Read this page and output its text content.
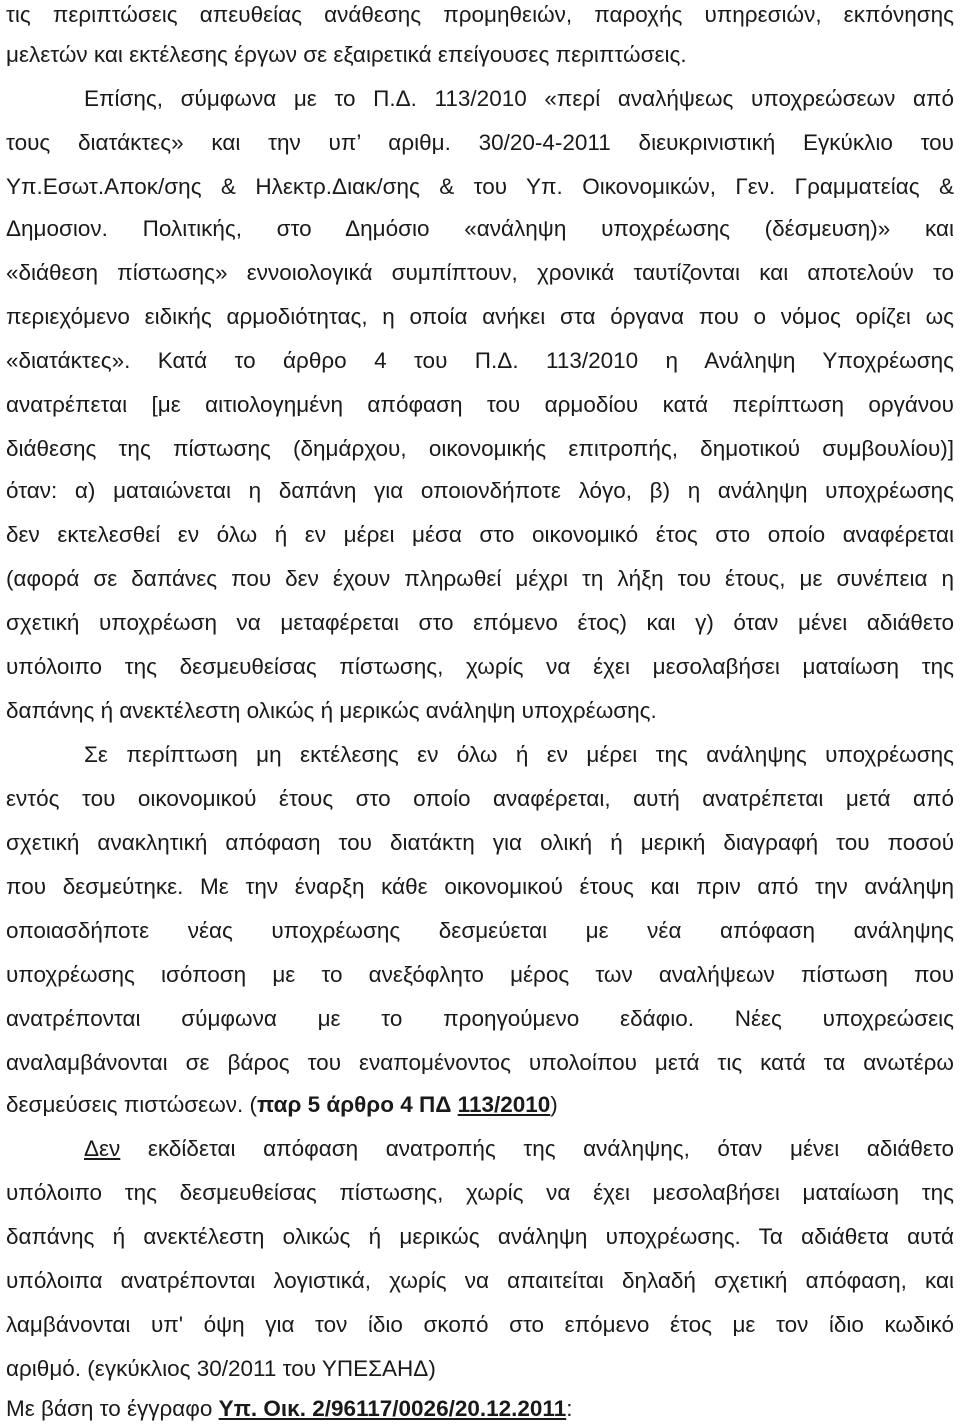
τις περιπτώσεις απευθείας ανάθεσης προμηθειών, παροχής υπηρεσιών, εκπόνησης
μελετών και εκτέλεσης έργων σε εξαιρετικά επείγουσες περιπτώσεις.
Επίσης, σύμφωνα με το Π.Δ. 113/2010 «περί αναλήψεως υποχρεώσεων από
τους διατάκτες» και την υπ’ αριθμ. 30/20-4-2011 διευκρινιστική Εγκύκλιο του
Υπ.Εσωτ.Αποκ/σης & Ηλεκτρ.Διακ/σης & του Υπ. Οικονομικών, Γεν. Γραμματείας &
Δημοσιον. Πολιτικής, στο Δημόσιο «ανάληψη υποχρέωσης (δέσμευση)» και
«διάθεση πίστωσης» εννοιολογικά συμπίπτουν, χρονικά ταυτίζονται και αποτελούν το
περιεχόμενο ειδικής αρμοδιότητας, η οποία ανήκει στα όργανα που ο νόμος ορίζει ως
«διατάκτες». Κατά το άρθρο 4 του Π.Δ. 113/2010 η Ανάληψη Υποχρέωσης
ανατρέπεται [με αιτιολογημένη απόφαση του αρμοδίου κατά περίπτωση οργάνου
διάθεσης της πίστωσης (δημάρχου, οικονομικής επιτροπής, δημοτικού συμβουλίου)]
όταν: α) ματαιώνεται η δαπάνη για οποιονδήποτε λόγο, β) η ανάληψη υποχρέωσης
δεν εκτελεσθεί εν όλω ή εν μέρει μέσα στο οικονομικό έτος στο οποίο αναφέρεται
(αφορά σε δαπάνες που δεν έχουν πληρωθεί μέχρι τη λήξη του έτους, με συνέπεια η
σχετική υποχρέωση να μεταφέρεται στο επόμενο έτος) και γ) όταν μένει αδιάθετο
υπόλοιπο της δεσμευθείσας πίστωσης, χωρίς να έχει μεσολαβήσει ματαίωση της
δαπάνης ή ανεκτέλεστη ολικώς ή μερικώς ανάληψη υποχρέωσης.
Σε περίπτωση μη εκτέλεσης εν όλω ή εν μέρει της ανάληψης υποχρέωσης
εντός του οικονομικού έτους στο οποίο αναφέρεται, αυτή ανατρέπεται μετά από
σχετική ανακλητική απόφαση του διατάκτη για ολική ή μερική διαγραφή του ποσού
που δεσμεύτηκε. Με την έναρξη κάθε οικονομικού έτους και πριν από την ανάληψη
οποιασδήποτε νέας υποχρέωσης δεσμεύεται με νέα απόφαση ανάληψης
υποχρέωσης ισόποση με το ανεξόφλητο μέρος των αναλήψεων πίστωση που
ανατρέπονται σύμφωνα με το προηγούμενο εδάφιο. Νέες υποχρεώσεις
αναλαμβάνονται σε βάρος του εναπομένοντος υπολοίπου μετά τις κατά τα ανωτέρω
δεσμεύσεις πιστώσεων. (παρ 5 άρθρο 4 ΠΔ 113/2010)
Δεν εκδίδεται απόφαση ανατροπής της ανάληψης, όταν μένει αδιάθετο
υπόλοιπο της δεσμευθείσας πίστωσης, χωρίς να έχει μεσολαβήσει ματαίωση της
δαπάνης ή ανεκτέλεστη ολικώς ή μερικώς ανάληψη υποχρέωσης. Τα αδιάθετα αυτά
υπόλοιπα ανατρέπονται λογιστικά, χωρίς να απαιτείται δηλαδή σχετική απόφαση, και
λαμβάνονται υπ' όψη για τον ίδιο σκοπό στο επόμενο έτος με τον ίδιο κωδικό
αριθμό. (εγκύκλιος 30/2011 του ΥΠΕΣΑΗΔ)
Με βάση το έγγραφο Υπ. Οικ. 2/96117/0026/20.12.2011:
